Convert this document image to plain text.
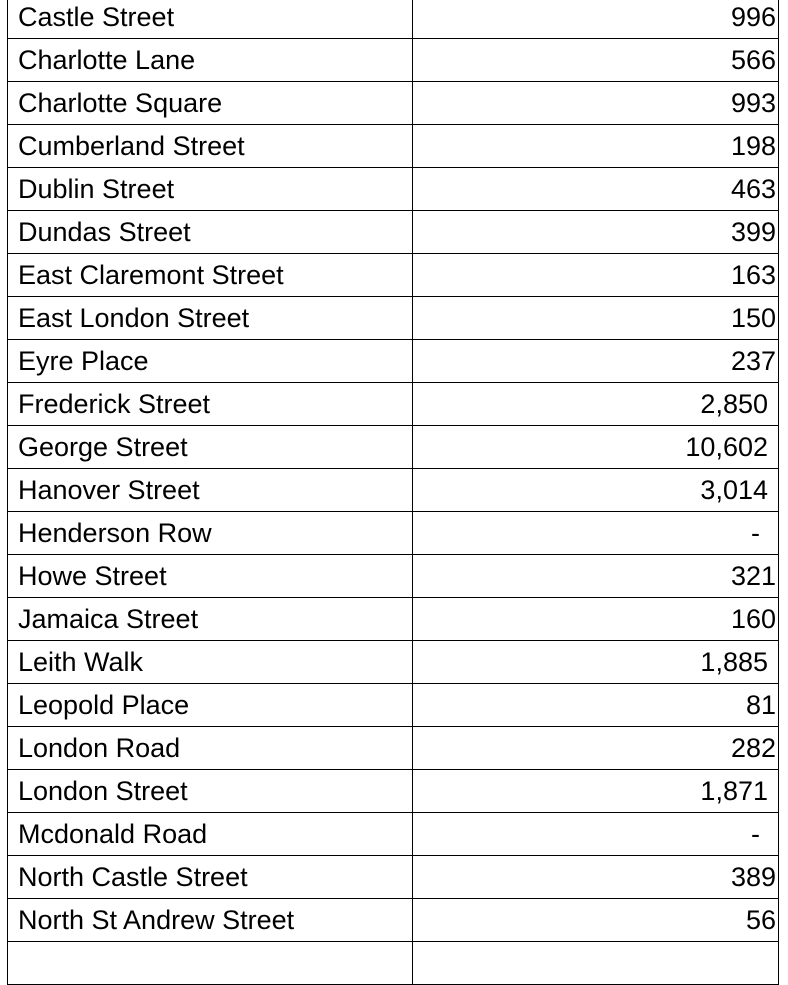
Castle Street	996
Charlotte Lane	566
Charlotte Square	993
Cumberland Street	198
Dublin Street	463
Dundas Street	399
East Claremont Street	163
East London Street	150
Eyre Place	237
Frederick Street	2,850
George Street	10,602
Hanover Street	3,014
Henderson Row	-
Howe Street	321
Jamaica Street	160
Leith Walk	1,885
Leopold Place	81
London Road	282
London Street	1,871
Mcdonald Road	-
North Castle Street	389
North St Andrew Street	56
